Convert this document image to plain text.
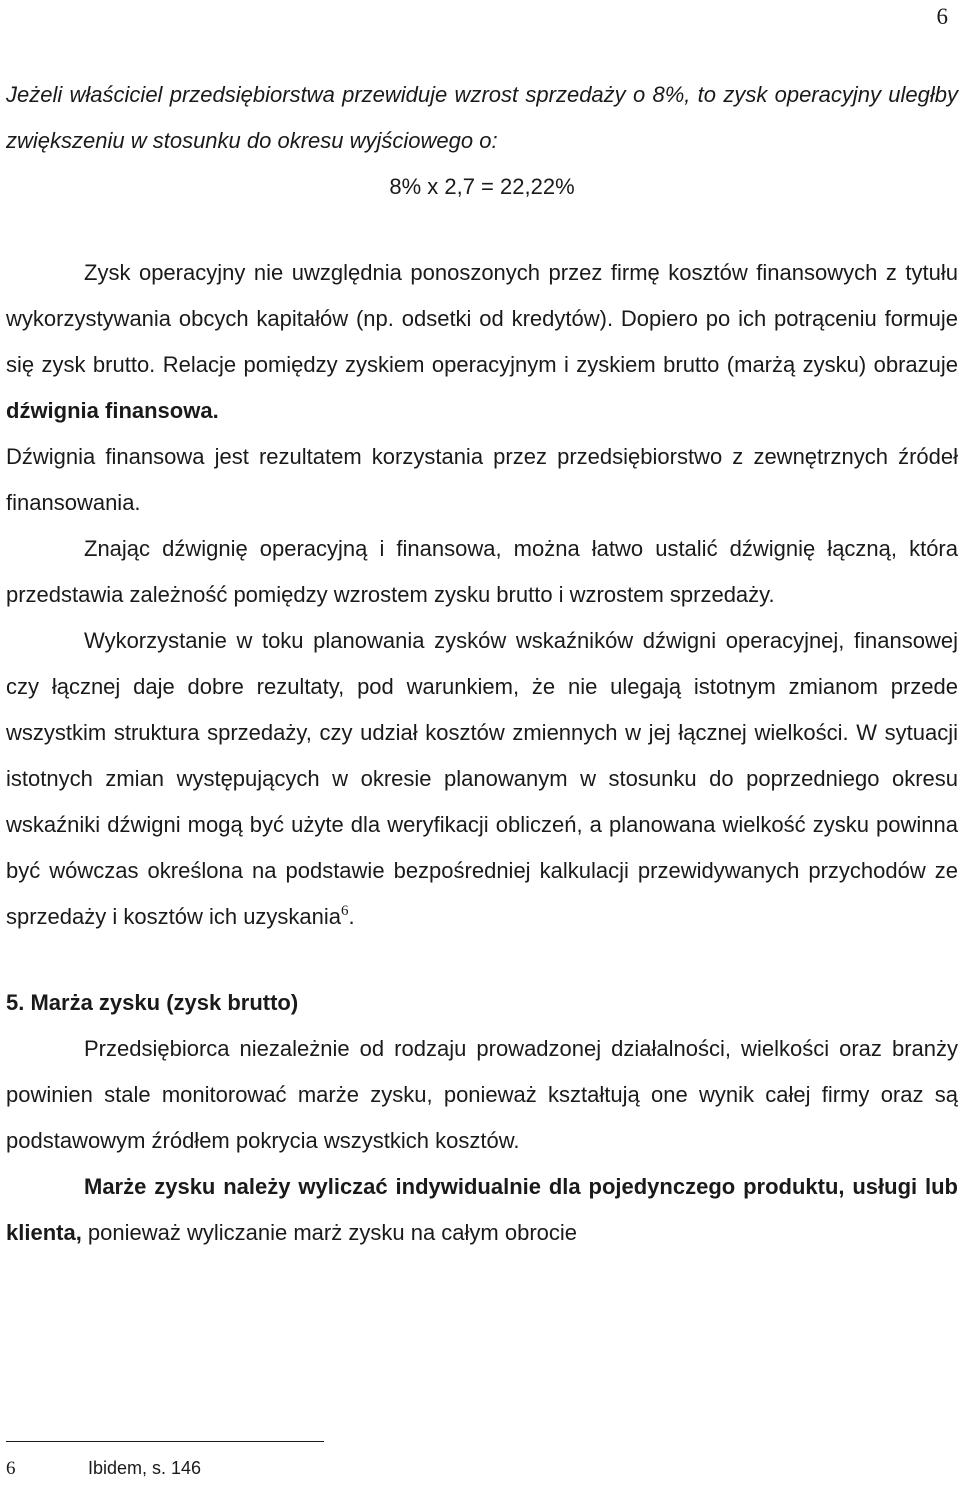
6

Jeżeli właściciel przedsiębiorstwa przewiduje wzrost sprzedaży o 8%, to zysk operacyjny uległby zwiększeniu w stosunku do okresu wyjściowego o:

8% x 2,7 = 22,22%

Zysk operacyjny nie uwzględnia ponoszonych przez firmę kosztów finansowych z tytułu wykorzystywania obcych kapitałów (np. odsetki od kredytów). Dopiero po ich potrąceniu formuje się zysk brutto. Relacje pomiędzy zyskiem operacyjnym i zyskiem brutto (marżą zysku) obrazuje dźwignia finansowa.

Dźwignia finansowa jest rezultatem korzystania przez przedsiębiorstwo z zewnętrznych źródeł finansowania.

Znając dźwignię operacyjną i finansowa, można łatwo ustalić dźwignię łączną, która przedstawia zależność pomiędzy wzrostem zysku brutto i wzrostem sprzedaży.

Wykorzystanie w toku planowania zysków wskaźników dźwigni operacyjnej, finansowej czy łącznej daje dobre rezultaty, pod warunkiem, że nie ulegają istotnym zmianom przede wszystkim struktura sprzedaży, czy udział kosztów zmiennych w jej łącznej wielkości. W sytuacji istotnych zmian występujących w okresie planowanym w stosunku do poprzedniego okresu wskaźniki dźwigni mogą być użyte dla weryfikacji obliczeń, a planowana wielkość zysku powinna być wówczas określona na podstawie bezpośredniej kalkulacji przewidywanych przychodów ze sprzedaży i kosztów ich uzyskania$^6$.

5. Marża zysku (zysk brutto)

Przedsiębiorca niezależnie od rodzaju prowadzonej działalności, wielkości oraz branży powinien stale monitorować marże zysku, ponieważ kształtują one wynik całej firmy oraz są podstawowym źródłem pokrycia wszystkich kosztów.

Marże zysku należy wyliczać indywidualnie dla pojedynczego produktu, usługi lub klienta, ponieważ wyliczanie marż zysku na całym obrocie

6	Ibidem, s. 146
